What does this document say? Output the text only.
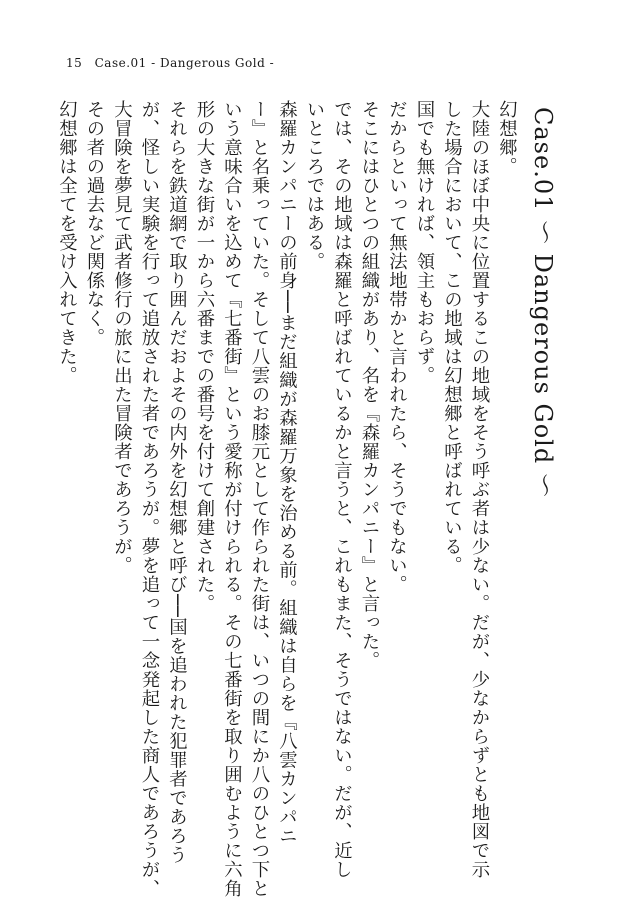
15 Case.01 - Dangerous Gold -
Case.01 ～ Dangerous Gold ～
幻想郷。
大陸のほぼ中央に位置するこの地域をそう呼ぶ者は少ない。だが、少なからずとも地図で示
した場合において、この地域は幻想郷と呼ばれている。
国でも無ければ、領主もおらず。
だからといって無法地帯かと言われたら、そうでもない。
そこにはひとつの組織があり、名を『森羅カンパニー』と言った。
では、その地域は森羅と呼ばれているかと言うと、これもまた、そうではない。だが、近し
いところではある。
森羅カンパニーの前身──まだ組織が森羅万象を治める前。組織は自らを『八雲カンパニ
ー』と名乗っていた。そして八雲のお膝元として作られた街は、いつの間にか八のひとつ下と
いう意味合いを込めて『七番街』という愛称が付けられる。その七番街を取り囲むように六角
形の大きな街が一から六番までの番号を付けて創建された。
それらを鉄道網で取り囲んだおよその内外を幻想郷と呼び──国を追われた犯罪者であろう
が、怪しい実験を行って追放された者であろうが。夢を追って一念発起した商人であろうが、
大冒険を夢見て武者修行の旅に出た冒険者であろうが。
その者の過去など関係なく。
幻想郷は全てを受け入れてきた。
